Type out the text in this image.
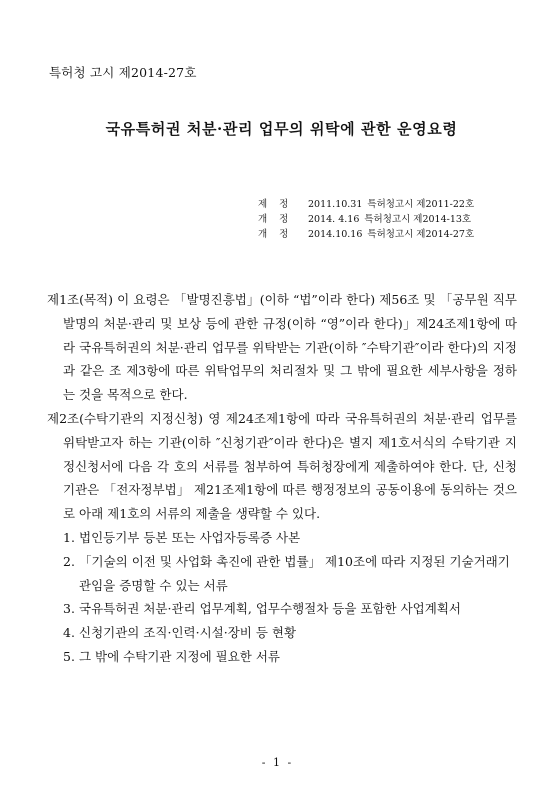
특허청 고시 제2014-27호
국유특허권 처분·관리 업무의 위탁에 관한 운영요령
제정 2011.10.31 특허청고시 제2011-22호
개정 2014. 4.16 특허청고시 제2014-13호
개정 2014.10.16 특허청고시 제2014-27호

제1조(목적) 이 요령은 「발명진흥법」(이하 “법”이라 한다) 제56조 및 「공무원 직무발명의 처분·관리 및 보상 등에 관한 규정(이하 “영”이라 한다)」제24조제1항에 따라 국유특허권의 처분·관리 업무를 위탁받는 기관(이하 ″수탁기관″이라 한다)의 지정과 같은 조 제3항에 따른 위탁업무의 처리절차 및 그 밖에 필요한 세부사항을 정하는 것을 목적으로 한다.

제2조(수탁기관의 지정신청) 영 제24조제1항에 따라 국유특허권의 처분·관리 업무를 위탁받고자 하는 기관(이하 ″신청기관″이라 한다)은 별지 제1호서식의 수탁기관 지정신청서에 다음 각 호의 서류를 첨부하여 특허청장에게 제출하여야 한다. 단, 신청기관은 「전자정부법」 제21조제1항에 따른 행정정보의 공동이용에 동의하는 것으로 아래 제1호의 서류의 제출을 생략할 수 있다.

1. 법인등기부 등본 또는 사업자등록증 사본
2. 「기술의 이전 및 사업화 촉진에 관한 법률」 제10조에 따라 지정된 기술거래기관임을 증명할 수 있는 서류
3. 국유특허권 처분·관리 업무계획, 업무수행절차 등을 포함한 사업계획서
4. 신청기관의 조직·인력·시설·장비 등 현황
5. 그 밖에 수탁기관 지정에 필요한 서류
- 1 -
